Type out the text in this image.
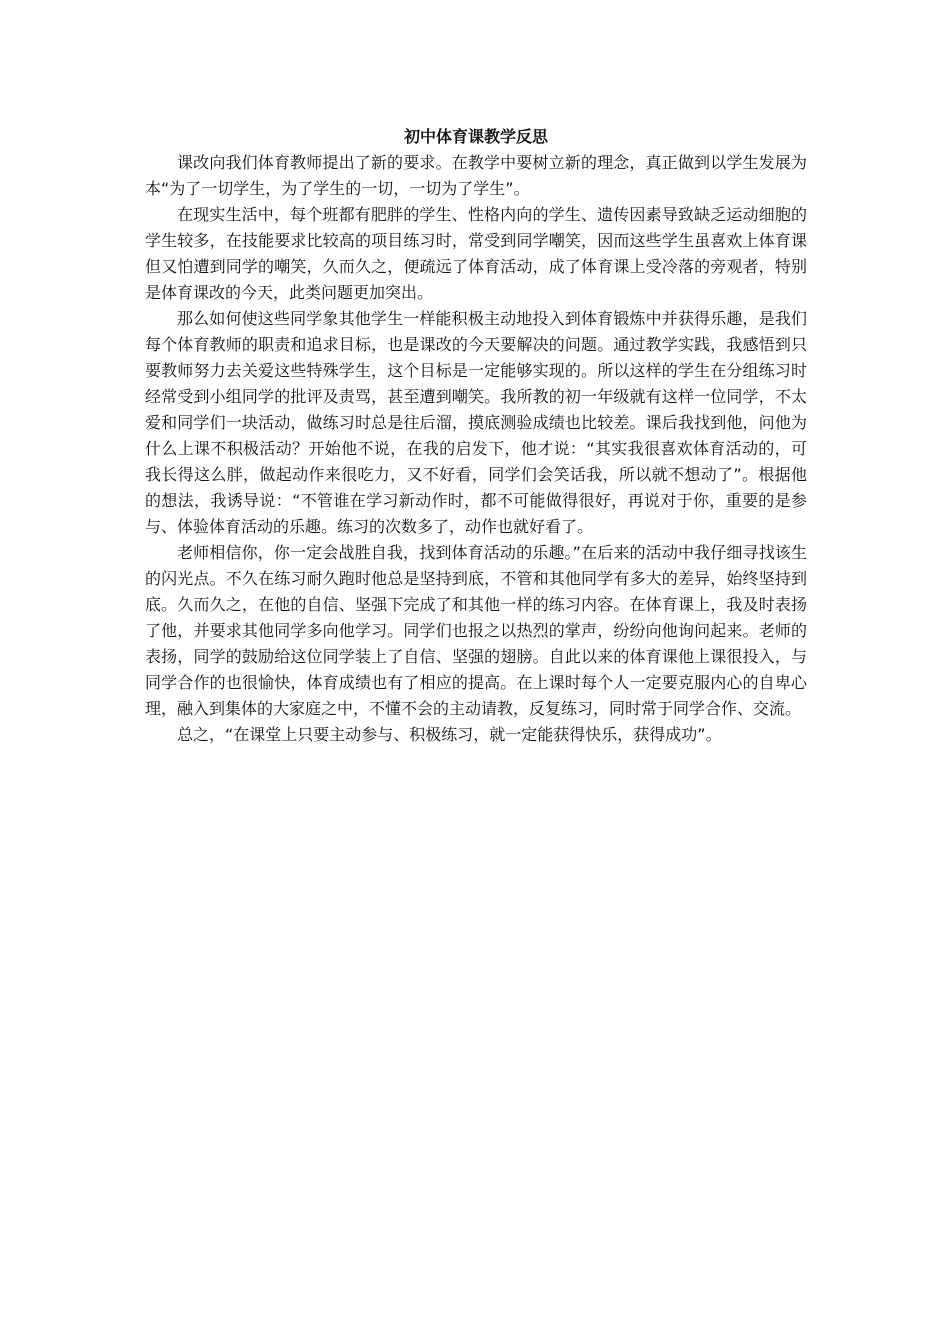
初中体育课教学反思

课改向我们体育教师提出了新的要求。在教学中要树立新的理念，真正做到以学生发展为本“为了一切学生，为了学生的一切，一切为了学生”。

在现实生活中，每个班都有肥胖的学生、性格内向的学生、遗传因素导致缺乏运动细胞的学生较多，在技能要求比较高的项目练习时，常受到同学嘲笑，因而这些学生虽喜欢上体育课但又怕遭到同学的嘲笑，久而久之，便疏远了体育活动，成了体育课上受冷落的旁观者，特别是体育课改的今天，此类问题更加突出。

那么如何使这些同学象其他学生一样能积极主动地投入到体育锻炼中并获得乐趣，是我们每个体育教师的职责和追求目标，也是课改的今天要解决的问题。通过教学实践，我感悟到只要教师努力去关爱这些特殊学生，这个目标是一定能够实现的。所以这样的学生在分组练习时经常受到小组同学的批评及责骂，甚至遭到嘲笑。我所教的初一年级就有这样一位同学，不太爱和同学们一块活动，做练习时总是往后溜，摸底测验成绩也比较差。课后我找到他，问他为什么上课不积极活动？开始他不说，在我的启发下，他才说：“其实我很喜欢体育活动的，可我长得这么胖，做起动作来很吃力，又不好看，同学们会笑话我，所以就不想动了”。根据他的想法，我诱导说：“不管谁在学习新动作时，都不可能做得很好，再说对于你，重要的是参与、体验体育活动的乐趣。练习的次数多了，动作也就好看了。

老师相信你，你一定会战胜自我，找到体育活动的乐趣。”在后来的活动中我仔细寻找该生的闪光点。不久在练习耐久跑时他总是坚持到底，不管和其他同学有多大的差异，始终坚持到底。久而久之，在他的自信、坚强下完成了和其他一样的练习内容。在体育课上，我及时表扬了他，并要求其他同学多向他学习。同学们也报之以热烈的掌声，纷纷向他询问起来。老师的表扬，同学的鼓励给这位同学装上了自信、坚强的翅膀。自此以来的体育课他上课很投入，与同学合作的也很愉快，体育成绩也有了相应的提高。在上课时每个人一定要克服内心的自卑心理，融入到集体的大家庭之中，不懂不会的主动请教，反复练习，同时常于同学合作、交流。

总之，“在课堂上只要主动参与、积极练习，就一定能获得快乐，获得成功”。
